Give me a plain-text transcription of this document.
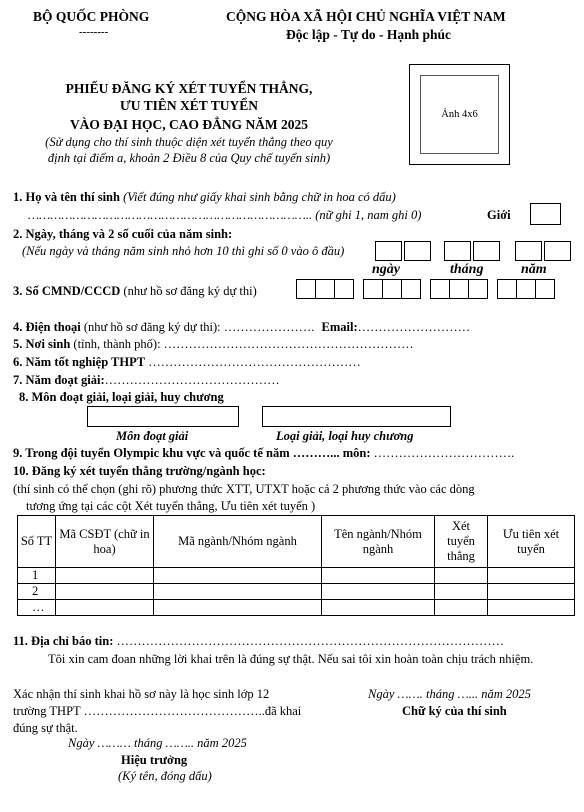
BỘ QUỐC PHÒNG
--------
CỘNG HÒA XÃ HỘI CHỦ NGHĨA VIỆT NAM
Độc lập - Tự do - Hạnh phúc
PHIẾU ĐĂNG KÝ XÉT TUYỂN THẲNG,
ƯU TIÊN XÉT TUYỂN
VÀO ĐẠI HỌC, CAO ĐẲNG NĂM 2025
(Sử dụng cho thí sinh thuộc diện xét tuyển thẳng theo quy
định tại điểm a, khoản 2 Điều 8 của Quy chế tuyển sinh)
Ảnh 4x6
1. Họ và tên thí sinh (Viết đúng như giấy khai sinh bằng chữ in hoa có dấu)
………………………………………………………………….. (nữ ghi 1, nam ghi 0)	Giới
2. Ngày, tháng và 2 số cuối của năm sinh:
(Nếu ngày và tháng năm sinh nhỏ hơn 10 thì ghi số 0 vào ô đầu)
ngày	tháng	năm
3. Số CMND/CCCD (như hồ sơ đăng ký dự thi)
4. Điện thoại (như hồ sơ đăng ký dự thi): …………………. Email:………………………
5. Nơi sinh (tỉnh, thành phố): ……………………………………………………
6. Năm tốt nghiệp THPT ……………………………………………
7. Năm đoạt giải:……………………………………
8. Môn đoạt giải, loại giải, huy chương
Môn đoạt giải	Loại giải, loại huy chương
9. Trong đội tuyển Olympic khu vực và quốc tế năm ………... môn: …………………………….
10. Đăng ký xét tuyển thẳng trường/ngành học:
(thí sinh có thể chọn (ghi rõ) phương thức XTT, UTXT hoặc cả 2 phương thức vào các dòng
tương ứng tại các cột Xét tuyển thẳng, Ưu tiên xét tuyển )
Số TT	Mã CSĐT (chữ in hoa)	Mã ngành/Nhóm ngành	Tên ngành/Nhóm ngành	Xét tuyển thẳng	Ưu tiên xét tuyển
1					
2					
…					
11. Địa chỉ báo tin: …………………………………………………………………………………
Tôi xin cam đoan những lời khai trên là đúng sự thật. Nếu sai tôi xin hoàn toàn chịu trách nhiệm.
Xác nhận thí sinh khai hồ sơ này là học sinh lớp 12
trường THPT ……………………………………..đã khai
đúng sự thật.
Ngày ……… tháng …….. năm 2025
Hiệu trưởng
(Ký tên, đóng dấu)
Ngày ……. tháng …... năm 2025
Chữ ký của thí sinh
